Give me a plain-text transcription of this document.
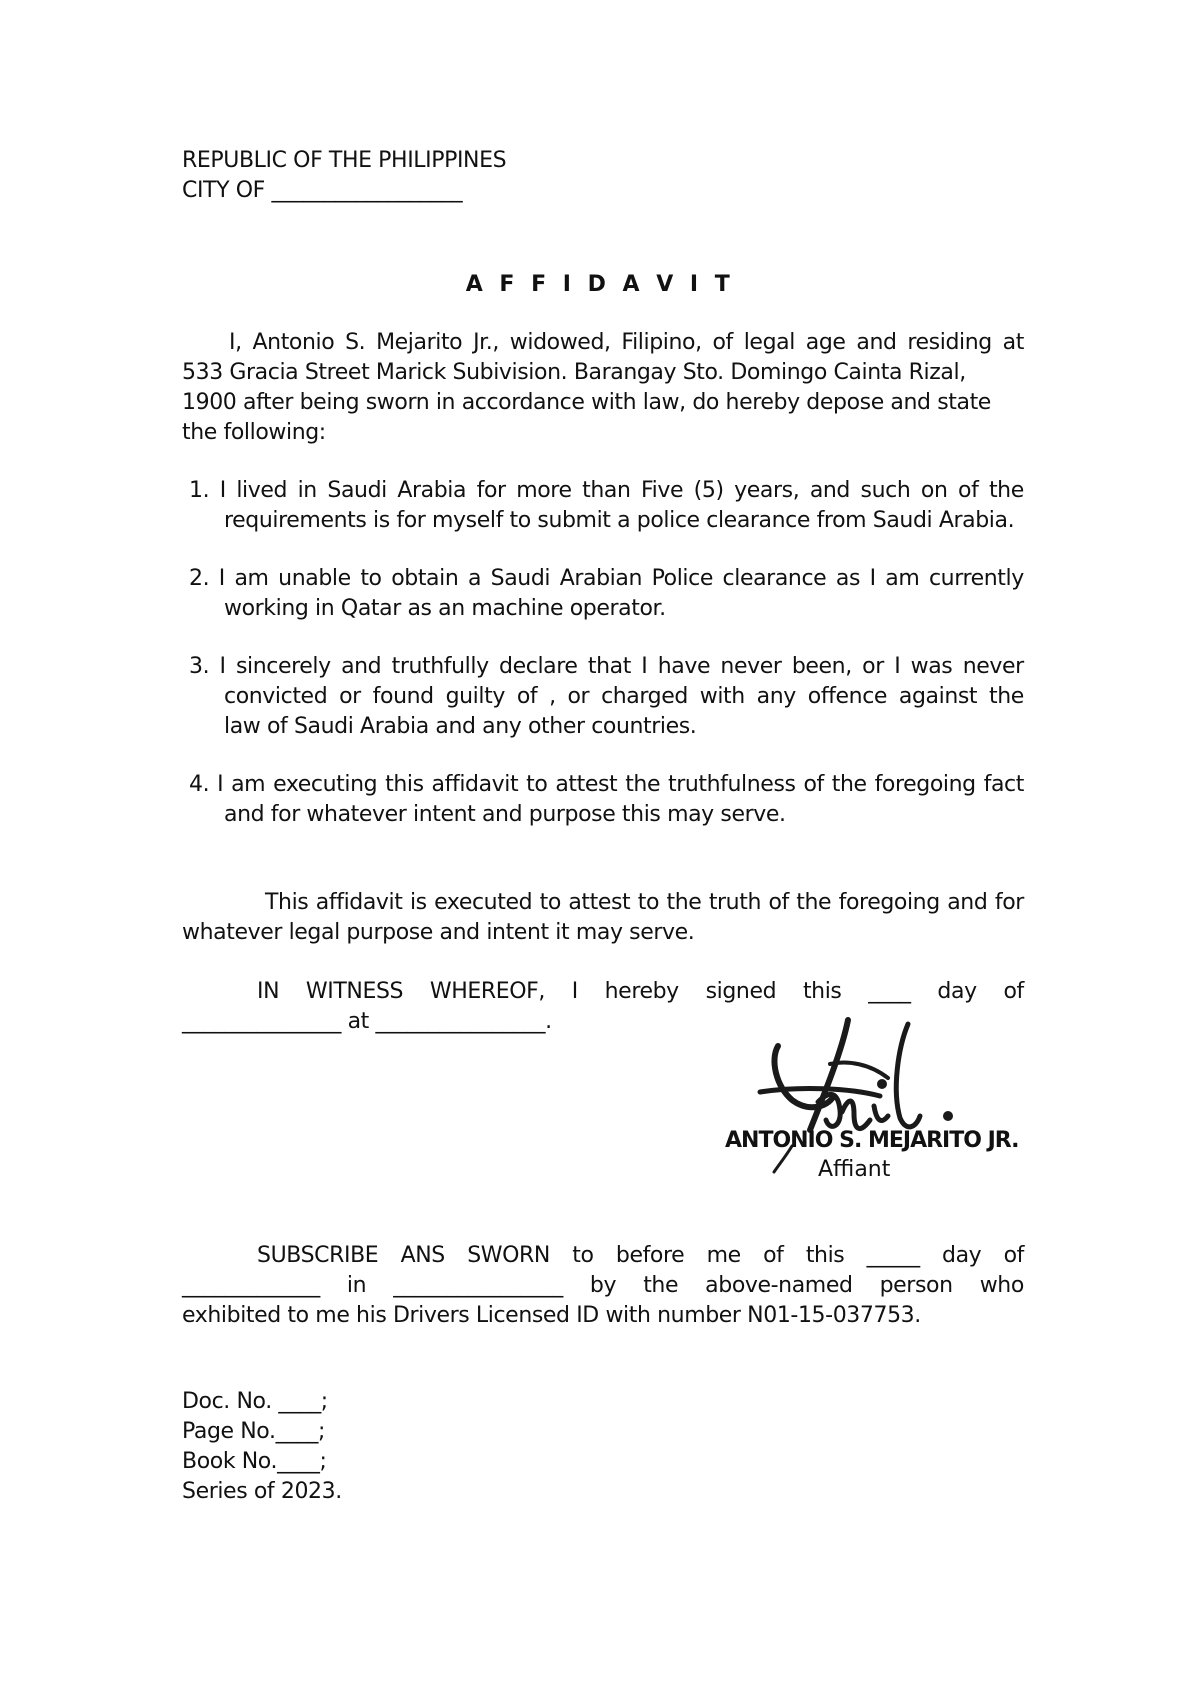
REPUBLIC OF THE PHILIPPINES
CITY OF __________________
A F F I D A V I T
I, Antonio S. Mejarito Jr., widowed, Filipino, of legal age and residing at
533 Gracia Street Marick Subivision. Barangay Sto. Domingo Cainta Rizal,
1900 after being sworn in accordance with law, do hereby depose and state
the following:
1. I lived in Saudi Arabia for more than Five (5) years, and such on of the
requirements is for myself to submit a police clearance from Saudi Arabia.
2. I am unable to obtain a Saudi Arabian Police clearance as I am currently
working in Qatar as an machine operator.
3. I sincerely and truthfully declare that I have never been, or I was never
convicted or found guilty of , or charged with any offence against the
law of Saudi Arabia and any other countries.
4. I am executing this affidavit to attest the truthfulness of the foregoing fact
and for whatever intent and purpose this may serve.
This affidavit is executed to attest to the truth of the foregoing and for
whatever legal purpose and intent it may serve.
IN WITNESS WHEREOF, I hereby signed this ____ day of
_______________ at ________________.
ANTONIO S. MEJARITO JR.
Affiant
SUBSCRIBE ANS SWORN to before me of this _____ day of
_____________ in ________________ by the above-named person who
exhibited to me his Drivers Licensed ID with number N01-15-037753.
Doc. No. ____;
Page No.____;
Book No.____;
Series of 2023.
